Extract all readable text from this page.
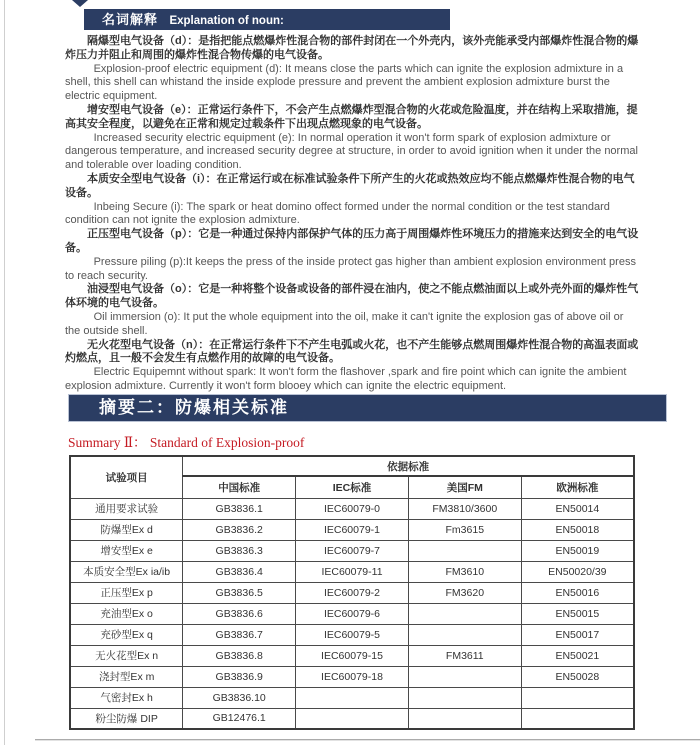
名词解释 Explanation of noun:

隔爆型电气设备（d）：是指把能点燃爆炸性混合物的部件封闭在一个外壳内，该外壳能承受内部爆炸性混合物的爆炸压力并阻止和周围的爆炸性混合物传爆的电气设备。

Explosion-proof electric equipment (d): It means close the parts which can ignite the explosion admixture in a shell, this shell can whistand the inside explode pressure and prevent the ambient explosion admixture burst the electric equipment.

增安型电气设备（e）：正常运行条件下，不会产生点燃爆炸型混合物的火花或危险温度，并在结构上采取措施，提高其安全程度，以避免在正常和规定过载条件下出现点燃现象的电气设备。

Increased security electric equipment (e): In normal operation it won't form spark of explosion admixture or dangerous temperature, and increased security degree at structure, in order to avoid ignition when it under the normal and tolerable over loading condition.

本质安全型电气设备（i）：在正常运行或在标准试验条件下所产生的火花或热效应均不能点燃爆炸性混合物的电气设备。

Inbeing Secure (i): The spark or heat domino offect formed under the normal condition or the test standard condition can not ignite the explosion admixture.

正压型电气设备（p）：它是一种通过保持内部保护气体的压力高于周围爆炸性环境压力的措施来达到安全的电气设备。

Pressure piling (p):It keeps the press of the inside protect gas higher than ambient explosion environment press to reach security.

油浸型电气设备（o）：它是一种将整个设备或设备的部件浸在油内，使之不能点燃油面以上或外壳外面的爆炸性气体环境的电气设备。

Oil immersion (o): It put the whole equipment into the oil, make it can't ignite the explosion gas of above oil or the outside shell.

无火花型电气设备（n）：在正常运行条件下不产生电弧或火花，也不产生能够点燃周围爆炸性混合物的高温表面或灼燃点，且一般不会发生有点燃作用的故障的电气设备。

Electric Equipemnt without spark: It won't form the flashover ,spark and fire point which can ignite the ambient explosion admixture. Currently it won't form blooey which can ignite the electric equipment.

摘要二：防爆相关标准
Summary Ⅱ： Standard of Explosion-proof
试验项目	依据标准			
	中国标准	IEC标准	美国FM	欧洲标准
通用要求试验	GB3836.1	IEC60079-0	FM3810/3600	EN50014
防爆型Ex d	GB3836.2	IEC60079-1	Fm3615	EN50018
增安型Ex e	GB3836.3	IEC60079-7		EN50019
本质安全型Ex ia/ib	GB3836.4	IEC60079-11	FM3610	EN50020/39
正压型Ex p	GB3836.5	IEC60079-2	FM3620	EN50016
充油型Ex o	GB3836.6	IEC60079-6		EN50015
充砂型Ex q	GB3836.7	IEC60079-5		EN50017
无火花型Ex n	GB3836.8	IEC60079-15	FM3611	EN50021
浇封型Ex m	GB3836.9	IEC60079-18		EN50028
气密封Ex h	GB3836.10			
粉尘防爆 DIP	GB12476.1			
